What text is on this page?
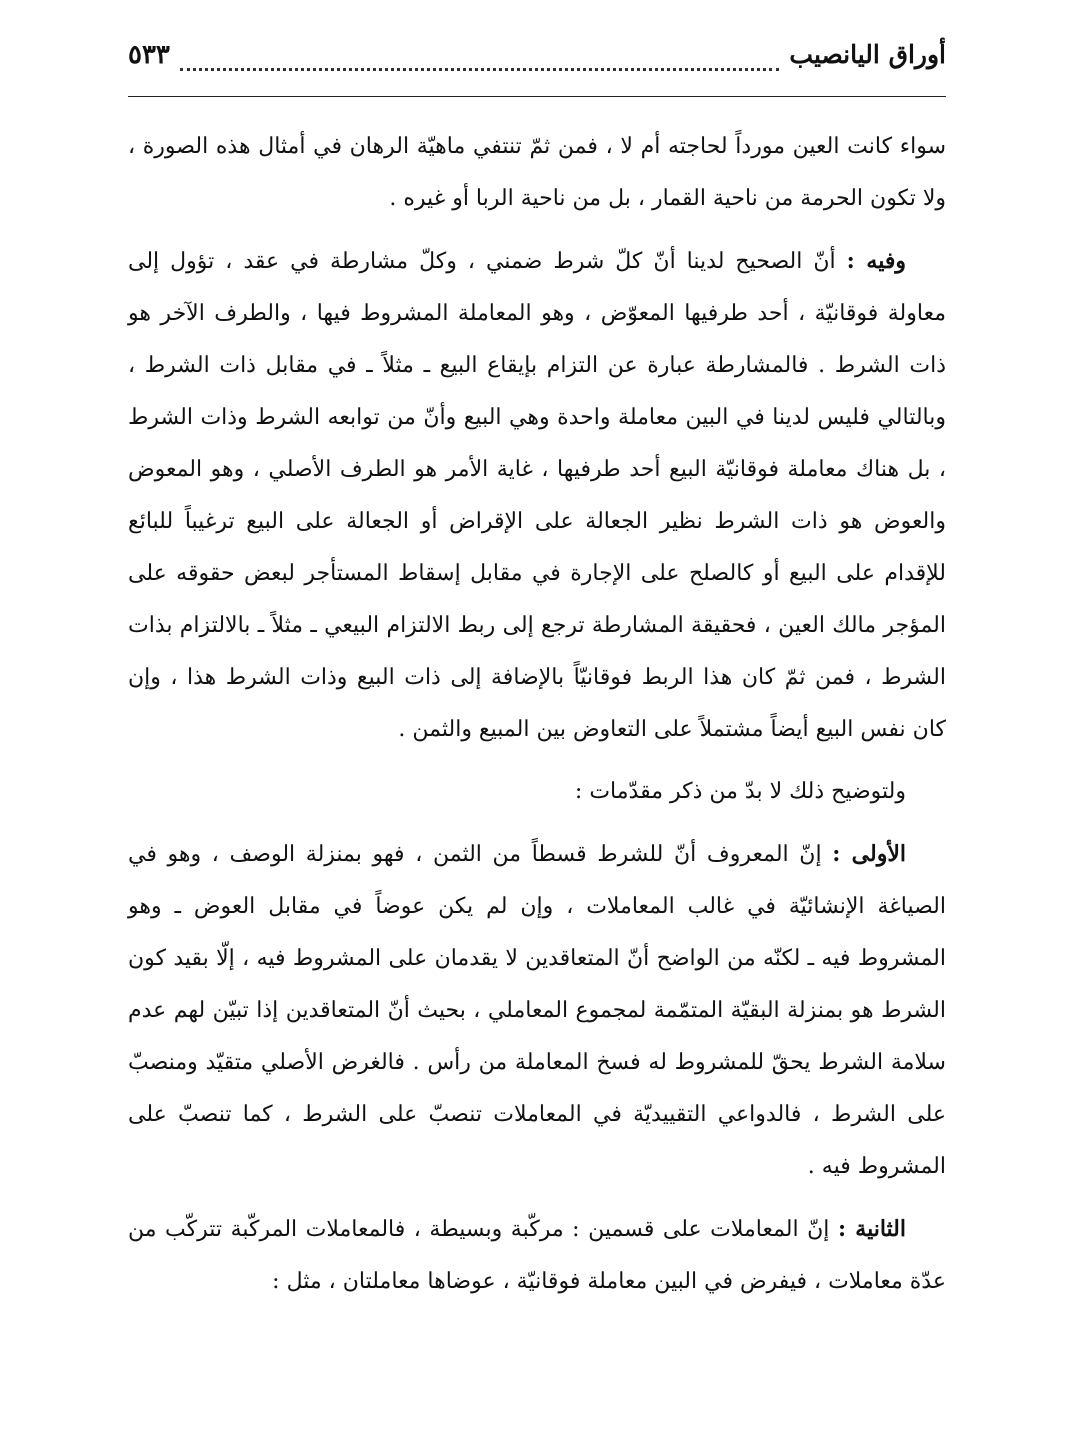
أوراق اليانصيب
٥٣٣

سواء كانت العين مورداً لحاجته أم لا ، فمن ثمّ تنتفي ماهيّة الرهان في أمثال هذه الصورة ، ولا تكون الحرمة من ناحية القمار ، بل من ناحية الربا أو غيره .

وفيه : أنّ الصحيح لدينا أنّ كلّ شرط ضمني ، وكلّ مشارطة في عقد ، تؤول إلى معاولة فوقانيّة ، أحد طرفيها المعوّض ، وهو المعاملة المشروط فيها ، والطرف الآخر هو ذات الشرط . فالمشارطة عبارة عن التزام بإيقاع البيع ـ مثلاً ـ في مقابل ذات الشرط ، وبالتالي فليس لدينا في البين معاملة واحدة وهي البيع وأنّ من توابعه الشرط وذات الشرط ، بل هناك معاملة فوقانيّة البيع أحد طرفيها ، غاية الأمر هو الطرف الأصلي ، وهو المعوض والعوض هو ذات الشرط نظير الجعالة على الإقراض أو الجعالة على البيع ترغيباً للبائع للإقدام على البيع أو كالصلح على الإجارة في مقابل إسقاط المستأجر لبعض حقوقه على المؤجر مالك العين ، فحقيقة المشارطة ترجع إلى ربط الالتزام البيعي ـ مثلاً ـ بالالتزام بذات الشرط ، فمن ثمّ كان هذا الربط فوقانيّاً بالإضافة إلى ذات البيع وذات الشرط هذا ، وإن كان نفس البيع أيضاً مشتملاً على التعاوض بين المبيع والثمن .

ولتوضيح ذلك لا بدّ من ذكر مقدّمات :

الأولى : إنّ المعروف أنّ للشرط قسطاً من الثمن ، فهو بمنزلة الوصف ، وهو في الصياغة الإنشائيّة في غالب المعاملات ، وإن لم يكن عوضاً في مقابل العوض ـ وهو المشروط فيه ـ لكنّه من الواضح أنّ المتعاقدين لا يقدمان على المشروط فيه ، إلّا بقيد كون الشرط هو بمنزلة البقيّة المتمّمة لمجموع المعاملي ، بحيث أنّ المتعاقدين إذا تبيّن لهم عدم سلامة الشرط يحقّ للمشروط له فسخ المعاملة من رأس . فالغرض الأصلي متقيّد ومنصبّ على الشرط ، فالدواعي التقييديّة في المعاملات تنصبّ على الشرط ، كما تنصبّ على المشروط فيه .

الثانية : إنّ المعاملات على قسمين : مركّبة وبسيطة ، فالمعاملات المركّبة تتركّب من عدّة معاملات ، فيفرض في البين معاملة فوقانيّة ، عوضاها معاملتان ، مثل :
